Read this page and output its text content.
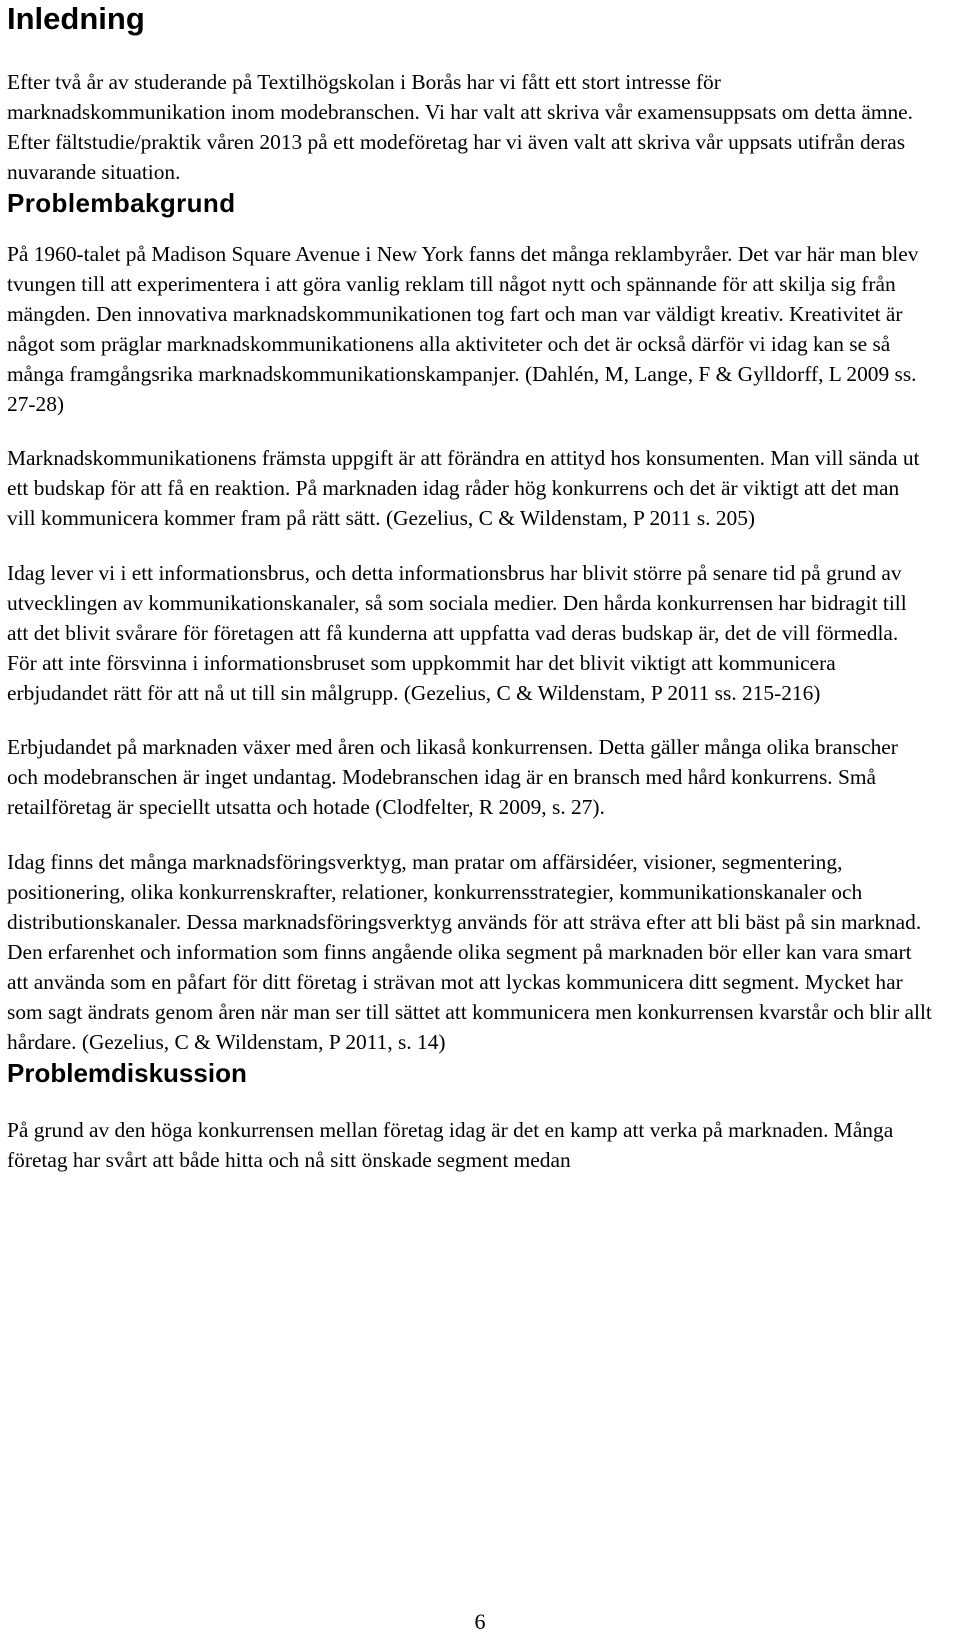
Inledning

Efter två år av studerande på Textilhögskolan i Borås har vi fått ett stort intresse för marknadskommunikation inom modebranschen. Vi har valt att skriva vår examensuppsats om detta ämne. Efter fältstudie/praktik våren 2013 på ett modeföretag har vi även valt att skriva vår uppsats utifrån deras nuvarande situation.

Problembakgrund

På 1960-talet på Madison Square Avenue i New York fanns det många reklambyråer. Det var här man blev tvungen till att experimentera i att göra vanlig reklam till något nytt och spännande för att skilja sig från mängden. Den innovativa marknadskommunikationen tog fart och man var väldigt kreativ. Kreativitet är något som präglar marknadskommunikationens alla aktiviteter och det är också därför vi idag kan se så många framgångsrika marknadskommunikationskampanjer. (Dahlén, M, Lange, F & Gylldorff, L 2009 ss. 27-28)

Marknadskommunikationens främsta uppgift är att förändra en attityd hos konsumenten. Man vill sända ut ett budskap för att få en reaktion. På marknaden idag råder hög konkurrens och det är viktigt att det man vill kommunicera kommer fram på rätt sätt. (Gezelius, C & Wildenstam, P 2011 s. 205)

Idag lever vi i ett informationsbrus, och detta informationsbrus har blivit större på senare tid på grund av utvecklingen av kommunikationskanaler, så som sociala medier. Den hårda konkurrensen har bidragit till att det blivit svårare för företagen att få kunderna att uppfatta vad deras budskap är, det de vill förmedla. För att inte försvinna i informationsbruset som uppkommit har det blivit viktigt att kommunicera erbjudandet rätt för att nå ut till sin målgrupp. (Gezelius, C & Wildenstam, P 2011 ss. 215-216)

Erbjudandet på marknaden växer med åren och likaså konkurrensen. Detta gäller många olika branscher och modebranschen är inget undantag. Modebranschen idag är en bransch med hård konkurrens. Små retailföretag är speciellt utsatta och hotade (Clodfelter, R 2009, s. 27).

Idag finns det många marknadsföringsverktyg, man pratar om affärsidéer, visioner, segmentering, positionering, olika konkurrenskrafter, relationer, konkurrensstrategier, kommunikationskanaler och distributionskanaler. Dessa marknadsföringsverktyg används för att sträva efter att bli bäst på sin marknad. Den erfarenhet och information som finns angående olika segment på marknaden bör eller kan vara smart att använda som en påfart för ditt företag i strävan mot att lyckas kommunicera ditt segment. Mycket har som sagt ändrats genom åren när man ser till sättet att kommunicera men konkurrensen kvarstår och blir allt hårdare. (Gezelius, C & Wildenstam, P 2011, s. 14)

Problemdiskussion

På grund av den höga konkurrensen mellan företag idag är det en kamp att verka på marknaden. Många företag har svårt att både hitta och nå sitt önskade segment medan

6
